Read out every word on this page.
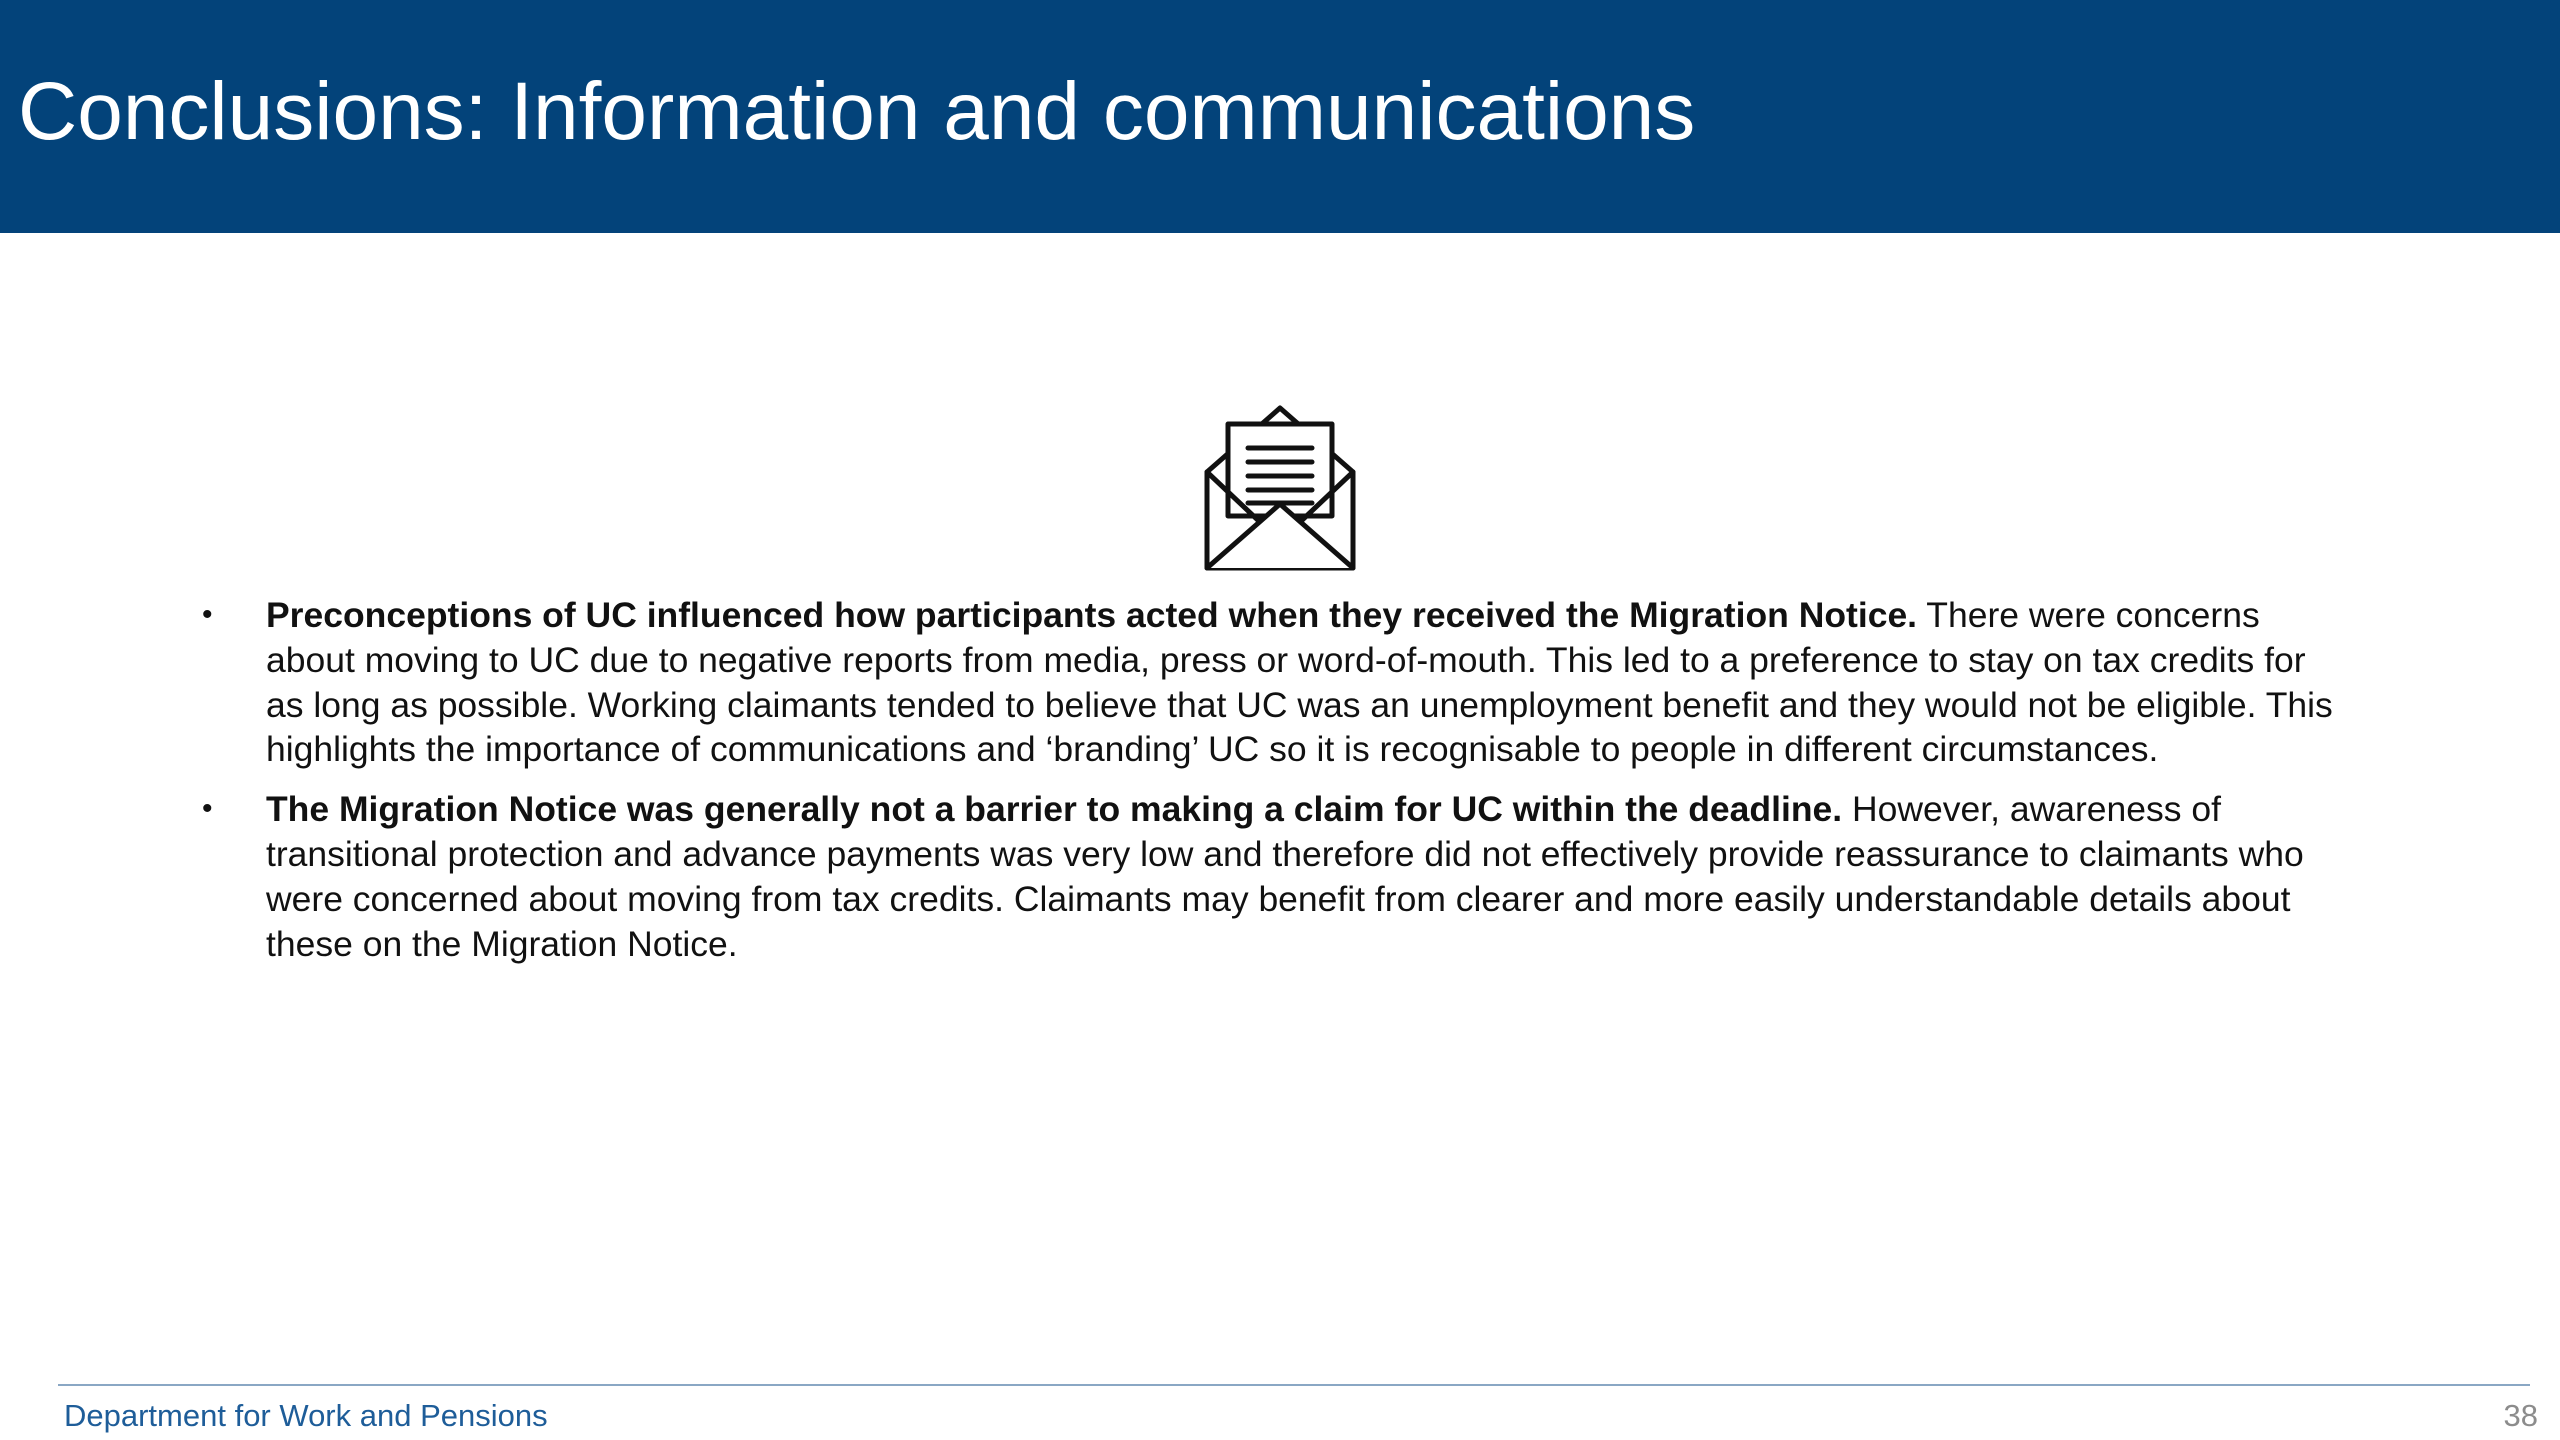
Conclusions: Information and communications
• Preconceptions of UC influenced how participants acted when they received the Migration Notice. There were concerns about moving to UC due to negative reports from media, press or word-of-mouth. This led to a preference to stay on tax credits for as long as possible. Working claimants tended to believe that UC was an unemployment benefit and they would not be eligible. This highlights the importance of communications and ‘branding’ UC so it is recognisable to people in different circumstances.
• The Migration Notice was generally not a barrier to making a claim for UC within the deadline. However, awareness of transitional protection and advance payments was very low and therefore did not effectively provide reassurance to claimants who were concerned about moving from tax credits. Claimants may benefit from clearer and more easily understandable details about these on the Migration Notice.
Department for Work and Pensions	38
